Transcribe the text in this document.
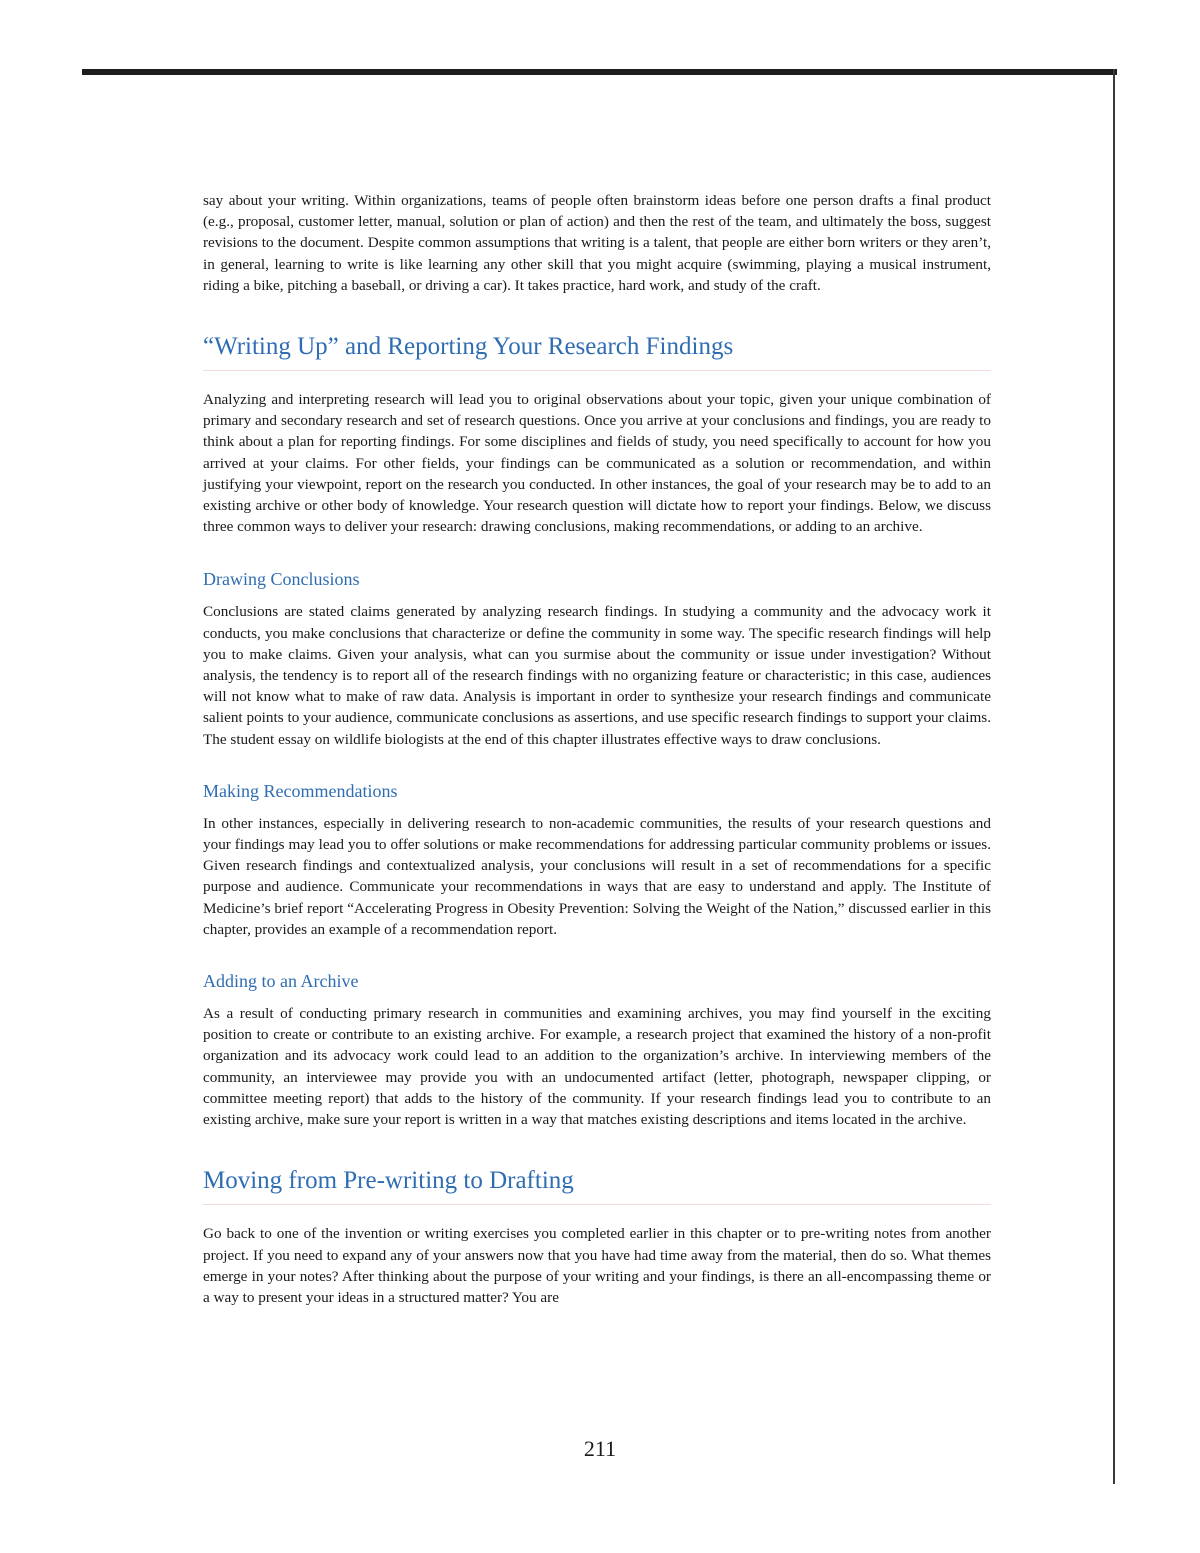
say about your writing. Within organizations, teams of people often brainstorm ideas before one person drafts a final product (e.g., proposal, customer letter, manual, solution or plan of action) and then the rest of the team, and ultimately the boss, suggest revisions to the document. Despite common assumptions that writing is a talent, that people are either born writers or they aren’t, in general, learning to write is like learning any other skill that you might acquire (swimming, playing a musical instrument, riding a bike, pitching a baseball, or driving a car). It takes practice, hard work, and study of the craft.

“Writing Up” and Reporting Your Research Findings

Analyzing and interpreting research will lead you to original observations about your topic, given your unique combination of primary and secondary research and set of research questions. Once you arrive at your conclusions and findings, you are ready to think about a plan for reporting findings. For some disciplines and fields of study, you need specifically to account for how you arrived at your claims. For other fields, your findings can be communicated as a solution or recommendation, and within justifying your viewpoint, report on the research you conducted. In other instances, the goal of your research may be to add to an existing archive or other body of knowledge. Your research question will dictate how to report your findings. Below, we discuss three common ways to deliver your research: drawing conclusions, making recommendations, or adding to an archive.

Drawing Conclusions

Conclusions are stated claims generated by analyzing research findings. In studying a community and the advocacy work it conducts, you make conclusions that characterize or define the community in some way. The specific research findings will help you to make claims. Given your analysis, what can you surmise about the community or issue under investigation? Without analysis, the tendency is to report all of the research findings with no organizing feature or characteristic; in this case, audiences will not know what to make of raw data. Analysis is important in order to synthesize your research findings and communicate salient points to your audience, communicate conclusions as assertions, and use specific research findings to support your claims. The student essay on wildlife biologists at the end of this chapter illustrates effective ways to draw conclusions.

Making Recommendations

In other instances, especially in delivering research to non-academic communities, the results of your research questions and your findings may lead you to offer solutions or make recommendations for addressing particular community problems or issues. Given research findings and contextualized analysis, your conclusions will result in a set of recommendations for a specific purpose and audience. Communicate your recommendations in ways that are easy to understand and apply. The Institute of Medicine’s brief report “Accelerating Progress in Obesity Prevention: Solving the Weight of the Nation,” discussed earlier in this chapter, provides an example of a recommendation report.

Adding to an Archive

As a result of conducting primary research in communities and examining archives, you may find yourself in the exciting position to create or contribute to an existing archive. For example, a research project that examined the history of a non-profit organization and its advocacy work could lead to an addition to the organization’s archive. In interviewing members of the community, an interviewee may provide you with an undocumented artifact (letter, photograph, newspaper clipping, or committee meeting report) that adds to the history of the community. If your research findings lead you to contribute to an existing archive, make sure your report is written in a way that matches existing descriptions and items located in the archive.

Moving from Pre-writing to Drafting

Go back to one of the invention or writing exercises you completed earlier in this chapter or to pre-writing notes from another project. If you need to expand any of your answers now that you have had time away from the material, then do so. What themes emerge in your notes? After thinking about the purpose of your writing and your findings, is there an all-encompassing theme or a way to present your ideas in a structured matter? You are

211
